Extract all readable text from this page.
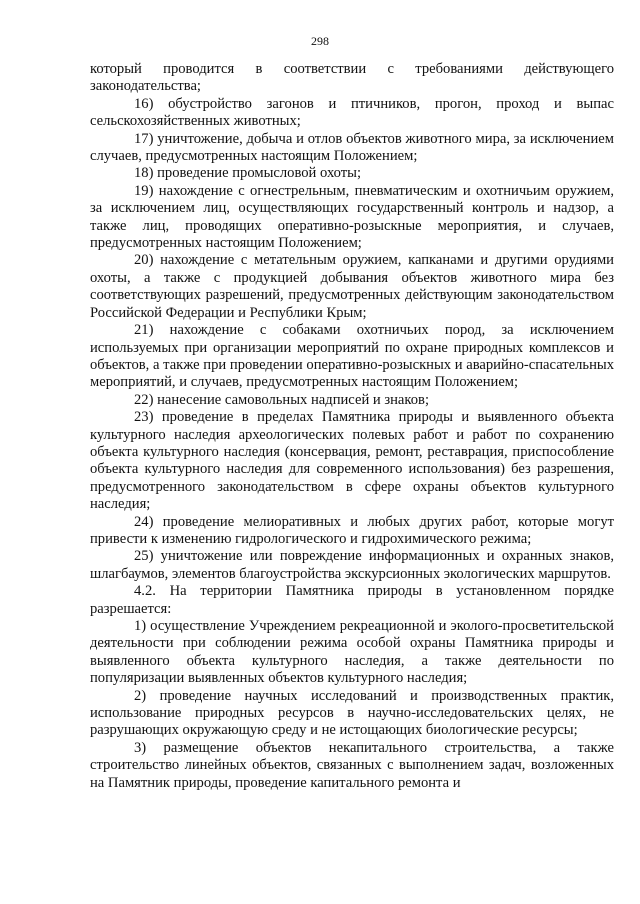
298

который проводится в соответствии с требованиями действующего законодательства;

16) обустройство загонов и птичников, прогон, проход и выпас сельскохозяйственных животных;

17) уничтожение, добыча и отлов объектов животного мира, за исключением случаев, предусмотренных настоящим Положением;

18) проведение промысловой охоты;

19) нахождение с огнестрельным, пневматическим и охотничьим оружием, за исключением лиц, осуществляющих государственный контроль и надзор, а также лиц, проводящих оперативно-розыскные мероприятия, и случаев, предусмотренных настоящим Положением;

20) нахождение с метательным оружием, капканами и другими орудиями охоты, а также с продукцией добывания объектов животного мира без соответствующих разрешений, предусмотренных действующим законодательством Российской Федерации и Республики Крым;

21) нахождение с собаками охотничьих пород, за исключением используемых при организации мероприятий по охране природных комплексов и объектов, а также при проведении оперативно-розыскных и аварийно-спасательных мероприятий, и случаев, предусмотренных настоящим Положением;

22) нанесение самовольных надписей и знаков;

23) проведение в пределах Памятника природы и выявленного объекта культурного наследия археологических полевых работ и работ по сохранению объекта культурного наследия (консервация, ремонт, реставрация, приспособление объекта культурного наследия для современного использования) без разрешения, предусмотренного законодательством в сфере охраны объектов культурного наследия;

24) проведение мелиоративных и любых других работ, которые могут привести к изменению гидрологического и гидрохимического режима;

25) уничтожение или повреждение информационных и охранных знаков, шлагбаумов, элементов благоустройства экскурсионных экологических маршрутов.

4.2. На территории Памятника природы в установленном порядке разрешается:

1) осуществление Учреждением рекреационной и эколого-просветительской деятельности при соблюдении режима особой охраны Памятника природы и выявленного объекта культурного наследия, а также деятельности по популяризации выявленных объектов культурного наследия;

2) проведение научных исследований и производственных практик, использование природных ресурсов в научно-исследовательских целях, не разрушающих окружающую среду и не истощающих биологические ресурсы;

3) размещение объектов некапитального строительства, а также строительство линейных объектов, связанных с выполнением задач, возложенных на Памятник природы, проведение капитального ремонта и
